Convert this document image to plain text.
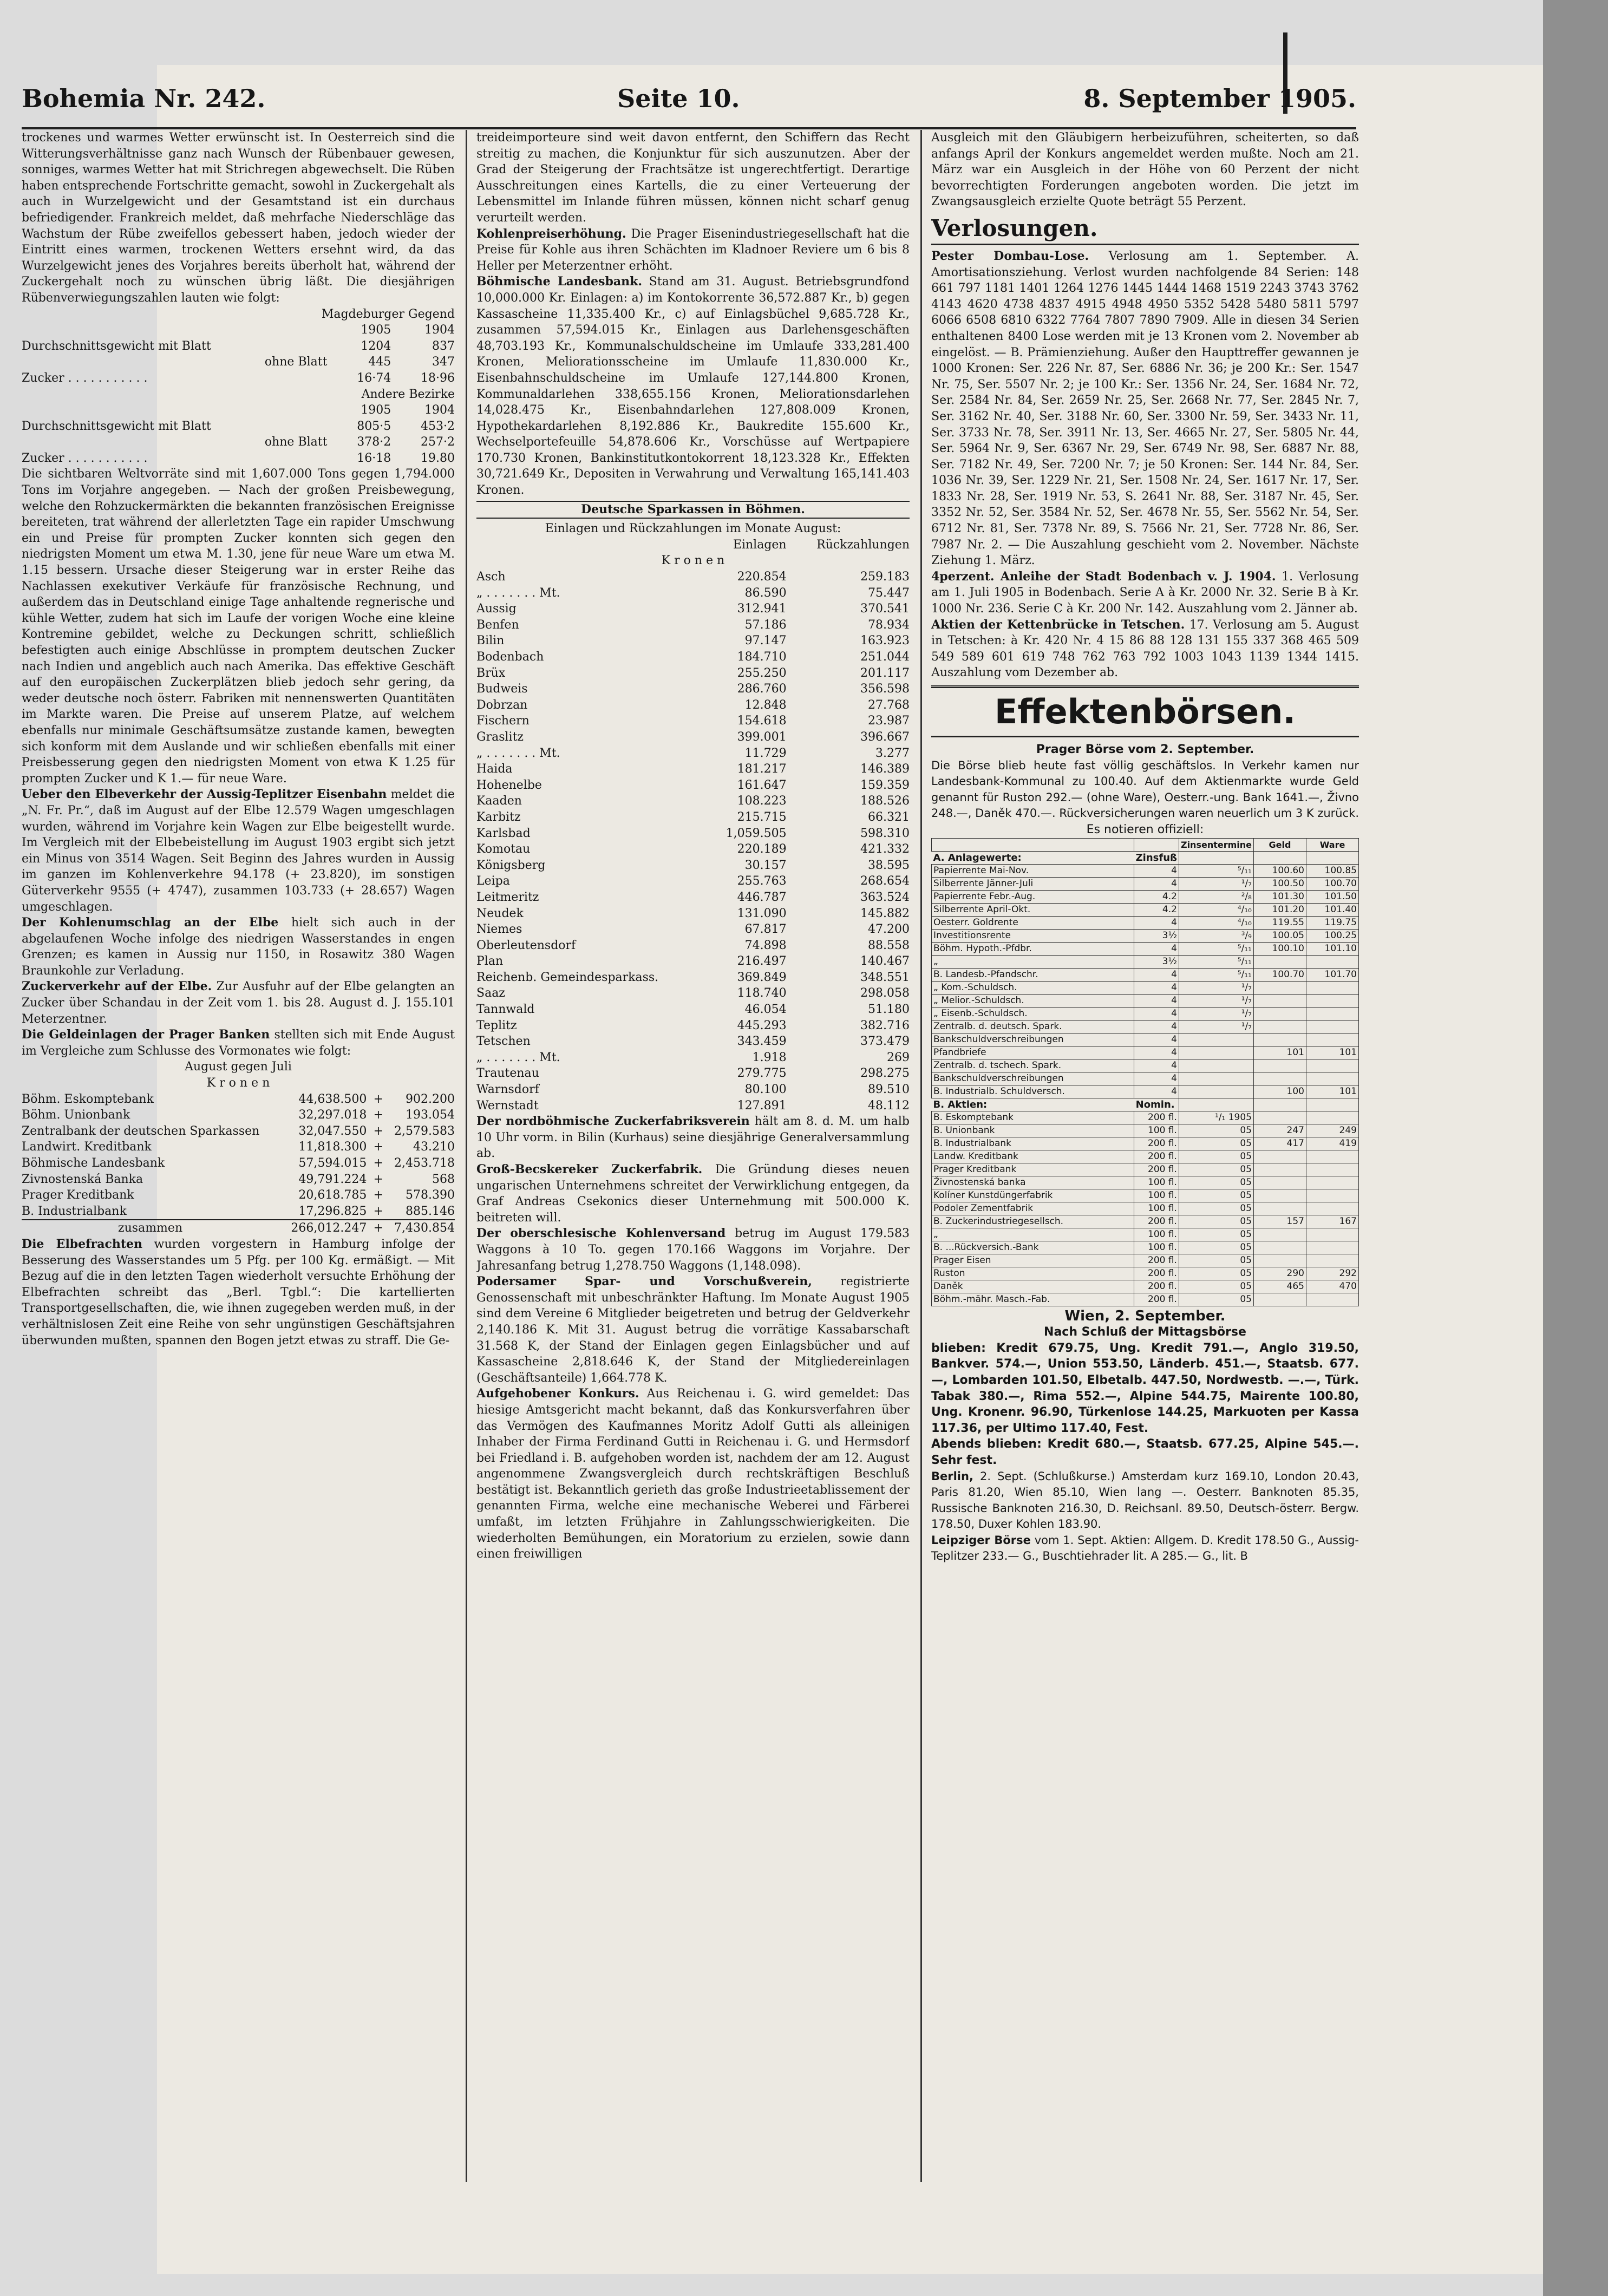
Bohemia Nr. 242.	Seite 10.	8. September 1905.

trockenes und warmes Wetter erwünscht ist. In Oesterreich sind die Witterungsverhältnisse ganz nach Wunsch der Rübenbauer gewesen, sonniges, warmes Wetter hat mit Strichregen abgewechselt. Die Rüben haben entsprechende Fortschritte gemacht, sowohl in Zuckergehalt als auch in Wurzelgewicht und der Gesamtstand ist ein durchaus befriedigender. Frankreich meldet, daß mehrfache Niederschläge das Wachstum der Rübe zweifellos gebessert haben, jedoch wieder der Eintritt eines warmen, trockenen Wetters ersehnt wird, da das Wurzelgewicht jenes des Vorjahres bereits überholt hat, während der Zuckergehalt noch zu wünschen übrig läßt. Die diesjährigen Rübenverwiegungszahlen lauten wie folgt:

Magdeburger Gegend
	1905	1904
Durchschnittsgewicht mit Blatt	1204	837
ohne Blatt	445	347
Zucker . . . . . . . . . . .	16·74	18·96
Andere Bezirke
	1905	1904
Durchschnittsgewicht mit Blatt	805·5	453·2
ohne Blatt	378·2	257·2
Zucker . . . . . . . . . . .	16·18	19.80

Die sichtbaren Weltvorräte sind mit 1,607.000 Tons gegen 1,794.000 Tons im Vorjahre angegeben. — Nach der großen Preisbewegung, welche den Rohzuckermärkten die bekannten französischen Ereignisse bereiteten, trat während der allerletzten Tage ein rapider Umschwung ein und Preise für prompten Zucker konnten sich gegen den niedrigsten Moment um etwa M. 1.30, jene für neue Ware um etwa M. 1.15 bessern. Ursache dieser Steigerung war in erster Reihe das Nachlassen exekutiver Verkäufe für französische Rechnung, und außerdem das in Deutschland einige Tage anhaltende regnerische und kühle Wetter, zudem hat sich im Laufe der vorigen Woche eine kleine Kontremine gebildet, welche zu Deckungen schritt, schließlich befestigten auch einige Abschlüsse in promptem deutschen Zucker nach Indien und angeblich auch nach Amerika. Das effektive Geschäft auf den europäischen Zuckerplätzen blieb jedoch sehr gering, da weder deutsche noch österr. Fabriken mit nennenswerten Quantitäten im Markte waren. Die Preise auf unserem Platze, auf welchem ebenfalls nur minimale Geschäftsumsätze zustande kamen, bewegten sich konform mit dem Auslande und wir schließen ebenfalls mit einer Preisbesserung gegen den niedrigsten Moment von etwa K 1.25 für prompten Zucker und K 1.— für neue Ware.

Ueber den Elbeverkehr der Aussig-Teplitzer Eisenbahn meldet die „N. Fr. Pr.“, daß im August auf der Elbe 12.579 Wagen umgeschlagen wurden, während im Vorjahre kein Wagen zur Elbe beigestellt wurde. Im Vergleich mit der Elbebeistellung im August 1903 ergibt sich jetzt ein Minus von 3514 Wagen. Seit Beginn des Jahres wurden in Aussig im ganzen im Kohlenverkehre 94.178 (+ 23.820), im sonstigen Güterverkehr 9555 (+ 4747), zusammen 103.733 (+ 28.657) Wagen umgeschlagen.

Der Kohlenumschlag an der Elbe hielt sich auch in der abgelaufenen Woche infolge des niedrigen Wasserstandes in engen Grenzen; es kamen in Aussig nur 1150, in Rosawitz 380 Wagen Braunkohle zur Verladung.

Zuckerverkehr auf der Elbe. Zur Ausfuhr auf der Elbe gelangten an Zucker über Schandau in der Zeit vom 1. bis 28. August d. J. 155.101 Meterzentner.

Die Geldeinlagen der Prager Banken stellten sich mit Ende August im Vergleiche zum Schlusse des Vormonates wie folgt:

August gegen Juli
K r o n e n
Böhm. Eskomptebank	44,638.500	+	902.200
Böhm. Unionbank	32,297.018	+	193.054
Zentralbank der deutschen Sparkassen	32,047.550	+	2,579.583
Landwirt. Kreditbank	11,818.300	+	43.210
Böhmische Landesbank	57,594.015	+	2,453.718
Zivnostenská Banka	49,791.224	+	568
Prager Kreditbank	20,618.785	+	578.390
B. Industrialbank	17,296.825	+	885.146
zusammen	266,012.247	+	7,430.854

Die Elbefrachten wurden vorgestern in Hamburg infolge der Besserung des Wasserstandes um 5 Pfg. per 100 Kg. ermäßigt. — Mit Bezug auf die in den letzten Tagen wiederholt versuchte Erhöhung der Elbefrachten schreibt das „Berl. Tgbl.“: Die kartellierten Transportgesellschaften, die, wie ihnen zugegeben werden muß, in der verhältnislosen Zeit eine Reihe von sehr ungünstigen Geschäftsjahren überwunden mußten, spannen den Bogen jetzt etwas zu straff. Die Ge-

treideimporteure sind weit davon entfernt, den Schiffern das Recht streitig zu machen, die Konjunktur für sich auszunutzen. Aber der Grad der Steigerung der Frachtsätze ist ungerechtfertigt. Derartige Ausschreitungen eines Kartells, die zu einer Verteuerung der Lebensmittel im Inlande führen müssen, können nicht scharf genug verurteilt werden.

Kohlenpreiserhöhung. Die Prager Eisenindustriegesellschaft hat die Preise für Kohle aus ihren Schächten im Kladnoer Reviere um 6 bis 8 Heller per Meterzentner erhöht.

Böhmische Landesbank. Stand am 31. August. Betriebsgrundfond 10,000.000 Kr. Einlagen: a) im Kontokorrente 36,572.887 Kr., b) gegen Kassascheine 11,335.400 Kr., c) auf Einlagsbüchel 9,685.728 Kr., zusammen 57,594.015 Kr., Einlagen aus Darlehensgeschäften 48,703.193 Kr., Kommunalschuldscheine im Umlaufe 333,281.400 Kronen, Meliorationsscheine im Umlaufe 11,830.000 Kr., Eisenbahnschuldscheine im Umlaufe 127,144.800 Kronen, Kommunaldarlehen 338,655.156 Kronen, Meliorationsdarlehen 14,028.475 Kr., Eisenbahndarlehen 127,808.009 Kronen, Hypothekardarlehen 8,192.886 Kr., Baukredite 155.600 Kr., Wechselportefeuille 54,878.606 Kr., Vorschüsse auf Wertpapiere 170.730 Kronen, Bankinstitutkontokorrent 18,123.328 Kr., Effekten 30,721.649 Kr., Depositen in Verwahrung und Verwaltung 165,141.403 Kronen.

Deutsche Sparkassen in Böhmen.
Einlagen und Rückzahlungen im Monate August:
	Einlagen	Rückzahlungen
K r o n e n		
Asch	220.854	259.183
„ . . . . . . . Mt.	86.590	75.447
Aussig	312.941	370.541
Benfen	57.186	78.934
Bilin	97.147	163.923
Bodenbach	184.710	251.044
Brüx	255.250	201.117
Budweis	286.760	356.598
Dobrzan	12.848	27.768
Fischern	154.618	23.987
Graslitz	399.001	396.667
„ . . . . . . . Mt.	11.729	3.277
Haida	181.217	146.389
Hohenelbe	161.647	159.359
Kaaden	108.223	188.526
Karbitz	215.715	66.321
Karlsbad	1,059.505	598.310
Komotau	220.189	421.332
Königsberg	30.157	38.595
Leipa	255.763	268.654
Leitmeritz	446.787	363.524
Neudek	131.090	145.882
Niemes	67.817	47.200
Oberleutensdorf	74.898	88.558
Plan	216.497	140.467
Reichenb. Gemeindesparkass.	369.849	348.551
Saaz	118.740	298.058
Tannwald	46.054	51.180
Teplitz	445.293	382.716
Tetschen	343.459	373.479
„ . . . . . . . Mt.	1.918	269
Trautenau	279.775	298.275
Warnsdorf	80.100	89.510
Wernstadt	127.891	48.112

Der nordböhmische Zuckerfabriksverein hält am 8. d. M. um halb 10 Uhr vorm. in Bilin (Kurhaus) seine diesjährige Generalversammlung ab.

Groß-Becskereker Zuckerfabrik. Die Gründung dieses neuen ungarischen Unternehmens schreitet der Verwirklichung entgegen, da Graf Andreas Csekonics dieser Unternehmung mit 500.000 K. beitreten will.

Der oberschlesische Kohlenversand betrug im August 179.583 Waggons à 10 To. gegen 170.166 Waggons im Vorjahre. Der Jahresanfang betrug 1,278.750 Waggons (1,148.098).

Podersamer Spar- und Vorschußverein, registrierte Genossenschaft mit unbeschränkter Haftung. Im Monate August 1905 sind dem Vereine 6 Mitglieder beigetreten und betrug der Geldverkehr 2,140.186 K. Mit 31. August betrug die vorrätige Kassabarschaft 31.568 K, der Stand der Einlagen gegen Einlagsbücher und auf Kassascheine 2,818.646 K, der Stand der Mitgliedereinlagen (Geschäftsanteile) 1,664.778 K.

Aufgehobener Konkurs. Aus Reichenau i. G. wird gemeldet: Das hiesige Amtsgericht macht bekannt, daß das Konkursverfahren über das Vermögen des Kaufmannes Moritz Adolf Gutti als alleinigen Inhaber der Firma Ferdinand Gutti in Reichenau i. G. und Hermsdorf bei Friedland i. B. aufgehoben worden ist, nachdem der am 12. August angenommene Zwangsvergleich durch rechtskräftigen Beschluß bestätigt ist. Bekanntlich gerieth das große Industrieetablissement der genannten Firma, welche eine mechanische Weberei und Färberei umfaßt, im letzten Frühjahre in Zahlungsschwierigkeiten. Die wiederholten Bemühungen, ein Moratorium zu erzielen, sowie dann einen freiwilligen

Ausgleich mit den Gläubigern herbeizuführen, scheiterten, so daß anfangs April der Konkurs angemeldet werden mußte. Noch am 21. März war ein Ausgleich in der Höhe von 60 Perzent der nicht bevorrechtigten Forderungen angeboten worden. Die jetzt im Zwangsausgleich erzielte Quote beträgt 55 Perzent.

Verlosungen.

Pester Dombau-Lose. Verlosung am 1. September. A. Amortisationsziehung. Verlost wurden nachfolgende 84 Serien: 148 661 797 1181 1401 1264 1276 1445 1444 1468 1519 2243 3743 3762 4143 4620 4738 4837 4915 4948 4950 5352 5428 5480 5811 5797 6066 6508 6810 6322 7764 7807 7890 7909. Alle in diesen 34 Serien enthaltenen 8400 Lose werden mit je 13 Kronen vom 2. November ab eingelöst. — B. Prämienziehung. Außer den Haupttreffer gewannen je 1000 Kronen: Ser. 226 Nr. 87, Ser. 6886 Nr. 36; je 200 Kr.: Ser. 1547 Nr. 75, Ser. 5507 Nr. 2; je 100 Kr.: Ser. 1356 Nr. 24, Ser. 1684 Nr. 72, Ser. 2584 Nr. 84, Ser. 2659 Nr. 25, Ser. 2668 Nr. 77, Ser. 2845 Nr. 7, Ser. 3162 Nr. 40, Ser. 3188 Nr. 60, Ser. 3300 Nr. 59, Ser. 3433 Nr. 11, Ser. 3733 Nr. 78, Ser. 3911 Nr. 13, Ser. 4665 Nr. 27, Ser. 5805 Nr. 44, Ser. 5964 Nr. 9, Ser. 6367 Nr. 29, Ser. 6749 Nr. 98, Ser. 6887 Nr. 88, Ser. 7182 Nr. 49, Ser. 7200 Nr. 7; je 50 Kronen: Ser. 144 Nr. 84, Ser. 1036 Nr. 39, Ser. 1229 Nr. 21, Ser. 1508 Nr. 24, Ser. 1617 Nr. 17, Ser. 1833 Nr. 28, Ser. 1919 Nr. 53, S. 2641 Nr. 88, Ser. 3187 Nr. 45, Ser. 3352 Nr. 52, Ser. 3584 Nr. 52, Ser. 4678 Nr. 55, Ser. 5562 Nr. 54, Ser. 6712 Nr. 81, Ser. 7378 Nr. 89, S. 7566 Nr. 21, Ser. 7728 Nr. 86, Ser. 7987 Nr. 2. — Die Auszahlung geschieht vom 2. November. Nächste Ziehung 1. März.

4perzent. Anleihe der Stadt Bodenbach v. J. 1904. 1. Verlosung am 1. Juli 1905 in Bodenbach. Serie A à Kr. 2000 Nr. 32. Serie B à Kr. 1000 Nr. 236. Serie C à Kr. 200 Nr. 142. Auszahlung vom 2. Jänner ab.

Aktien der Kettenbrücke in Tetschen. 17. Verlosung am 5. August in Tetschen: à Kr. 420 Nr. 4 15 86 88 128 131 155 337 368 465 509 549 589 601 619 748 762 763 792 1003 1043 1139 1344 1415. Auszahlung vom Dezember ab.

Effektenbörsen.
Prager Börse vom 2. September.

Die Börse blieb heute fast völlig geschäftslos. In Verkehr kamen nur Landesbank-Kommunal zu 100.40. Auf dem Aktienmarkte wurde Geld genannt für Ruston 292.— (ohne Ware), Oesterr.-ung. Bank 1641.—, Živno 248.—, Daněk 470.—. Rückversicherungen waren neuerlich um 3 K zurück.

Es notieren offiziell:
		Zinsentermine	Geld	Ware
A. Anlagewerte:	Zinsfuß			
Papierrente Mai-Nov.	4	⁵/₁₁	100.60	100.85
Silberrente Jänner-Juli	4	¹/₇	100.50	100.70
Papierrente Febr.-Aug.	4.2	²/₈	101.30	101.50
Silberrente April-Okt.	4.2	⁴/₁₀	101.20	101.40
Oesterr. Goldrente	4	⁴/₁₀	119.55	119.75
Investitionsrente	3½	³/₉	100.05	100.25
Böhm. Hypoth.-Pfdbr.	4	⁵/₁₁	100.10	101.10
„	3½	⁵/₁₁		
B. Landesb.-Pfandschr.	4	⁵/₁₁	100.70	101.70
„ Kom.-Schuldsch.	4	¹/₇		
„ Melior.-Schuldsch.	4	¹/₇		
„ Eisenb.-Schuldsch.	4	¹/₇		
Zentralb. d. deutsch. Spark.	4	¹/₇		
Bankschuldverschreibungen	4			
Pfandbriefe	4		101	101
Zentralb. d. tschech. Spark.	4			
Bankschuldverschreibungen	4			
B. Industrialb. Schuldversch.	4		100	101
B. Aktien:	Nomin.			
B. Eskomptebank	200 fl.	¹/₁ 1905		
B. Unionbank	100 fl.	05	247	249
B. Industrialbank	200 fl.	05	417	419
Landw. Kreditbank	200 fl.	05		
Prager Kreditbank	200 fl.	05		
Živnostenská banka	100 fl.	05		
Kolíner Kunstdüngerfabrik	100 fl.	05		
Podoler Zementfabrik	100 fl.	05		
B. Zuckerindustriegesellsch.	200 fl.	05	157	167
„	100 fl.	05		
B. ...Rückversich.-Bank	100 fl.	05		
Prager Eisen	200 fl.	05		
Ruston	200 fl.	05	290	292
Daněk	200 fl.	05	465	470
Böhm.-mähr. Masch.-Fab.	200 fl.	05		
Wien, 2. September.
Nach Schluß der Mittagsbörse

blieben: Kredit 679.75, Ung. Kredit 791.—, Anglo 319.50, Bankver. 574.—, Union 553.50, Länderb. 451.—, Staatsb. 677.—, Lombarden 101.50, Elbetalb. 447.50, Nordwestb. —.—, Türk. Tabak 380.—, Rima 552.—, Alpine 544.75, Mairente 100.80, Ung. Kronenr. 96.90, Türkenlose 144.25, Markuoten per Kassa 117.36, per Ultimo 117.40, Fest.

Abends blieben: Kredit 680.—, Staatsb. 677.25, Alpine 545.—. Sehr fest.

Berlin, 2. Sept. (Schlußkurse.) Amsterdam kurz 169.10, London 20.43, Paris 81.20, Wien 85.10, Wien lang —. Oesterr. Banknoten 85.35, Russische Banknoten 216.30, D. Reichsanl. 89.50, Deutsch-österr. Bergw. 178.50, Duxer Kohlen 183.90.

Leipziger Börse vom 1. Sept. Aktien: Allgem. D. Kredit 178.50 G., Aussig-Teplitzer 233.— G., Buschtiehrader lit. A 285.— G., lit. B
